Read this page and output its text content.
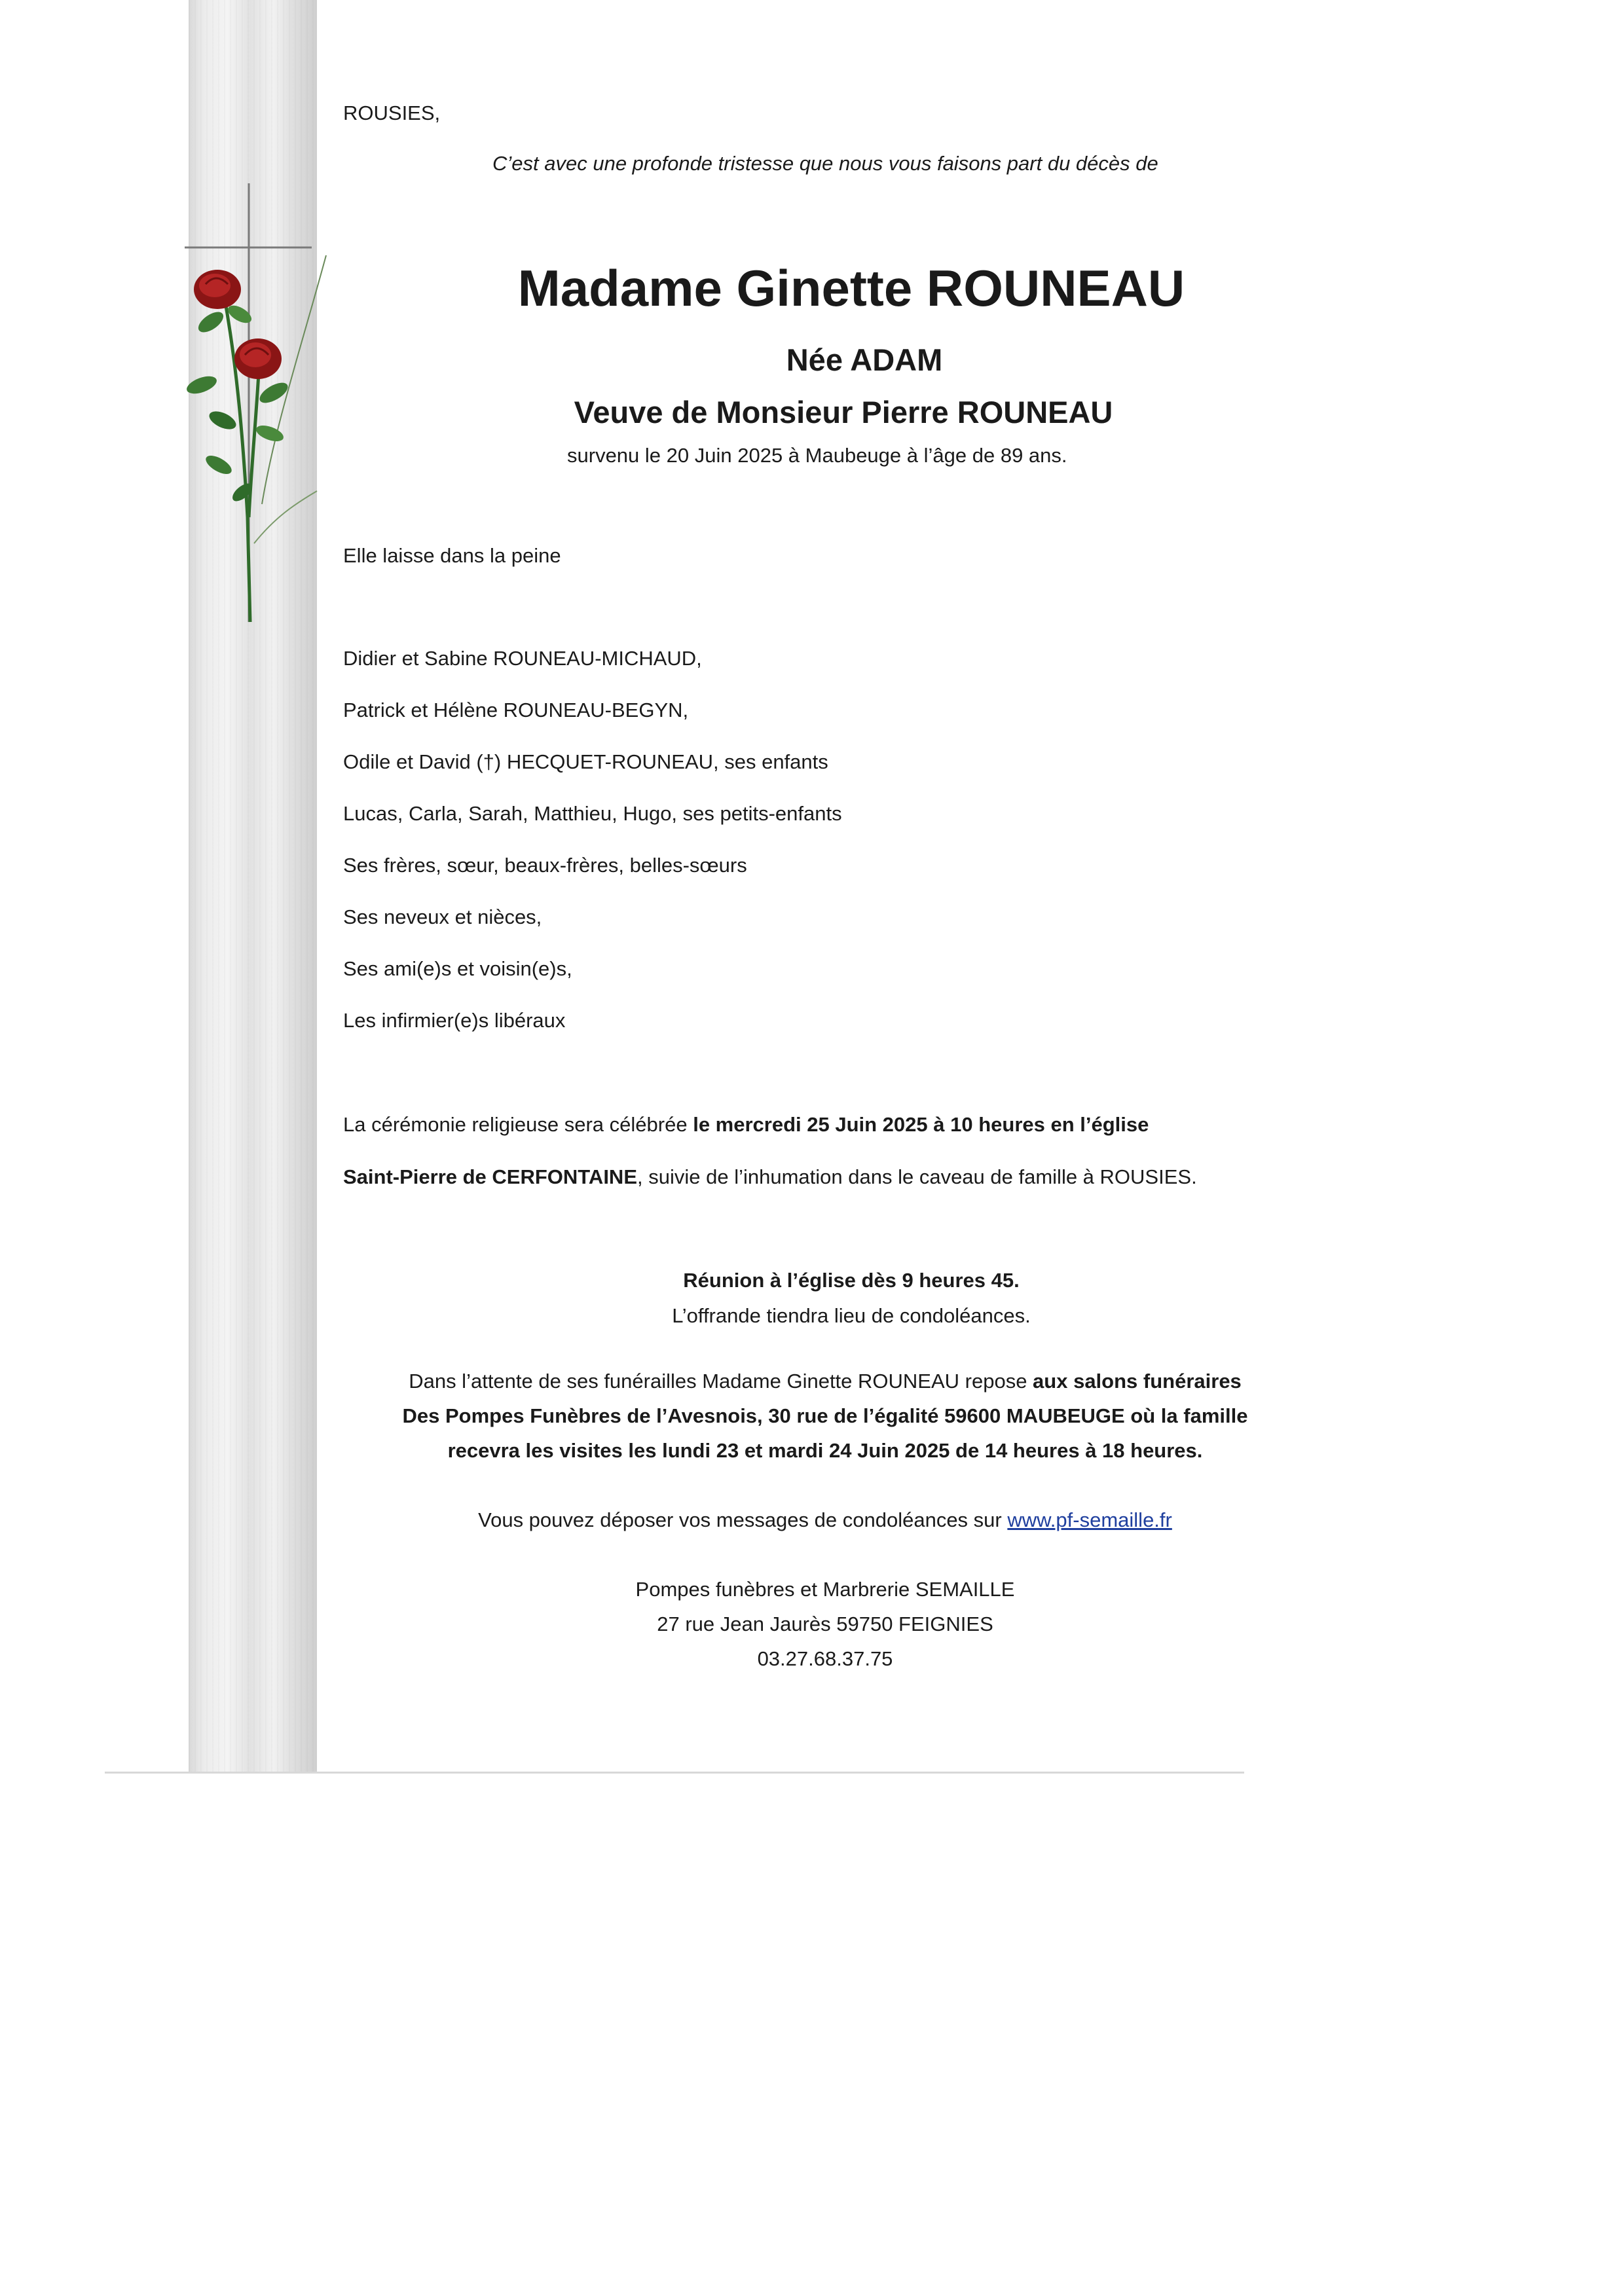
ROUSIES,

C’est avec une profonde tristesse que nous vous faisons part du décès de

Madame Ginette ROUNEAU

Née ADAM

Veuve de Monsieur Pierre ROUNEAU

survenu le 20 Juin 2025 à Maubeuge à l’âge de 89 ans.

Elle laisse dans la peine

Didier et Sabine ROUNEAU-MICHAUD,

Patrick et Hélène ROUNEAU-BEGYN,

Odile et David (†) HECQUET-ROUNEAU, ses enfants

Lucas, Carla, Sarah, Matthieu, Hugo, ses petits-enfants

Ses frères, sœur, beaux-frères, belles-sœurs

Ses neveux et nièces,

Ses ami(e)s et voisin(e)s,

Les infirmier(e)s libéraux

La cérémonie religieuse sera célébrée le mercredi 25 Juin 2025 à 10 heures en l’église

Saint-Pierre de CERFONTAINE, suivie de l’inhumation dans le caveau de famille à ROUSIES.

Réunion à l’église dès 9 heures 45.

L’offrande tiendra lieu de condoléances.

Dans l’attente de ses funérailles Madame Ginette ROUNEAU repose aux salons funéraires

Des Pompes Funèbres de l’Avesnois, 30 rue de l’égalité 59600 MAUBEUGE où la famille

recevra les visites les lundi 23 et mardi 24 Juin 2025 de 14 heures à 18 heures.

Vous pouvez déposer vos messages de condoléances sur www.pf-semaille.fr

Pompes funèbres et Marbrerie SEMAILLE

27 rue Jean Jaurès 59750 FEIGNIES

03.27.68.37.75
